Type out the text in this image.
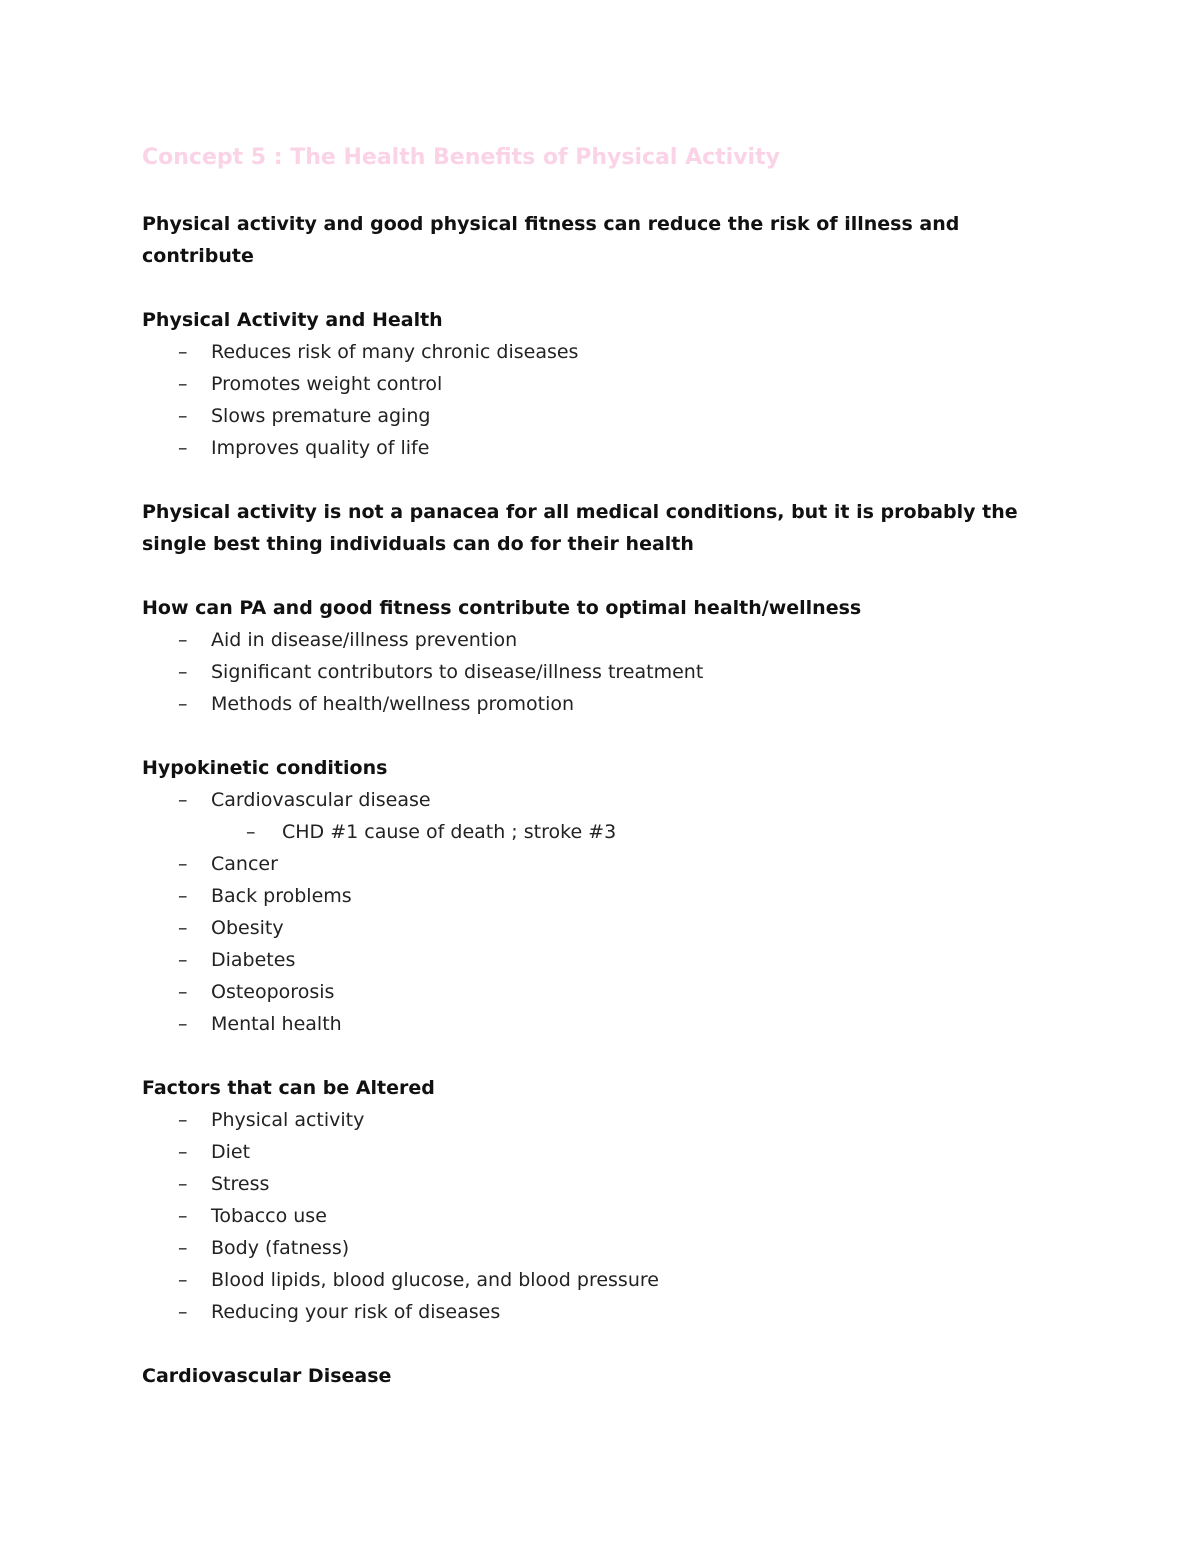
Concept 5 : The Health Benefits of Physical Activity

Physical activity and good physical fitness can reduce the risk of illness and contribute

Physical Activity and Health

– Reduces risk of many chronic diseases
– Promotes weight control
– Slows premature aging
– Improves quality of life

Physical activity is not a panacea for all medical conditions, but it is probably the single best thing individuals can do for their health

How can PA and good fitness contribute to optimal health/wellness

– Aid in disease/illness prevention
– Significant contributors to disease/illness treatment
– Methods of health/wellness promotion

Hypokinetic conditions

– Cardiovascular disease
– CHD #1 cause of death ; stroke #3
– Cancer
– Back problems
– Obesity
– Diabetes
– Osteoporosis
– Mental health

Factors that can be Altered

– Physical activity
– Diet
– Stress
– Tobacco use
– Body (fatness)
– Blood lipids, blood glucose, and blood pressure
– Reducing your risk of diseases

Cardiovascular Disease
